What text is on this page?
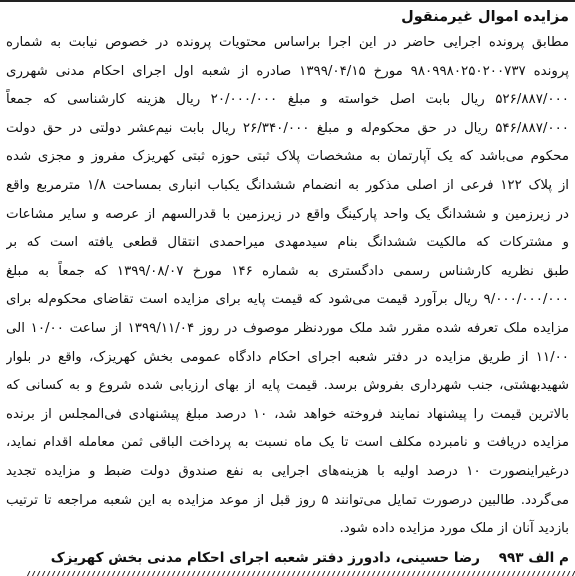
مزایده اموال غیرمنقول
مطابق پرونده اجرایی حاضر در این اجرا براساس محتویات پرونده در خصوص نیابت به شماره
پرونده ۹۸۰۹۹۸۰۲۵۰۲۰۰۷۳۷ مورخ ۱۳۹۹/۰۴/۱۵ صادره از شعبه اول اجرای احکام مدنی شهرری
۵۲۶/۸۸۷/۰۰۰ ریال بابت اصل خواسته و مبلغ ۲۰/۰۰۰/۰۰۰ ریال هزینه کارشناسی که جمعاً
۵۴۶/۸۸۷/۰۰۰ ریال در حق محکوم‌له و مبلغ ۲۶/۳۴۰/۰۰۰ ریال بابت نیم‌عشر دولتی در حق دولت
محکوم می‌باشد که یک آپارتمان به مشخصات پلاک ثبتی حوزه ثبتی کهریزک مفروز و مجزی شده
از پلاک ۱۲۲ فرعی از اصلی مذکور به انضمام ششدانگ یکباب انباری بمساحت ۱/۸ مترمربع واقع
در زیرزمین و ششدانگ یک واحد پارکینگ واقع در زیرزمین با قدرالسهم از عرصه و سایر مشاعات
و مشترکات که مالکیت ششدانگ بنام سیدمهدی میراحمدی انتقال قطعی یافته است که بر
طبق نظریه کارشناس رسمی دادگستری به شماره ۱۴۶ مورخ ۱۳۹۹/۰۸/۰۷ که جمعاً به مبلغ
۹/۰۰۰/۰۰۰/۰۰۰ ریال برآورد قیمت می‌شود که قیمت پایه برای مزایده است تقاضای محکوم‌له برای
مزایده ملک تعرفه شده مقرر شد ملک موردنظر موصوف در روز ۱۳۹۹/۱۱/۰۴ از ساعت ۱۰/۰۰ الی
۱۱/۰۰ از طریق مزایده در دفتر شعبه اجرای احکام دادگاه عمومی بخش کهریزک، واقع در بلوار
شهیدبهشتی، جنب شهرداری بفروش برسد. قیمت پایه از بهای ارزیابی شده شروع و به کسانی که
بالاترین قیمت را پیشنهاد نمایند فروخته خواهد شد، ۱۰ درصد مبلغ پیشنهادی فی‌المجلس از برنده
مزایده دریافت و نامبرده مکلف است تا یک ماه نسبت به پرداخت الباقی ثمن معامله اقدام نماید،
درغیراینصورت ۱۰ درصد اولیه با هزینه‌های اجرایی به نفع صندوق دولت ضبط و مزایده تجدید
می‌گردد. طالبین درصورت تمایل می‌توانند ۵ روز قبل از موعد مزایده به این شعبه مراجعه تا ترتیب
بازدید آنان از ملک مورد مزایده داده شود.
م الف ۹۹۳ رضا حسینی، دادورز دفتر شعبه اجرای احکام مدنی بخش کهریزک
